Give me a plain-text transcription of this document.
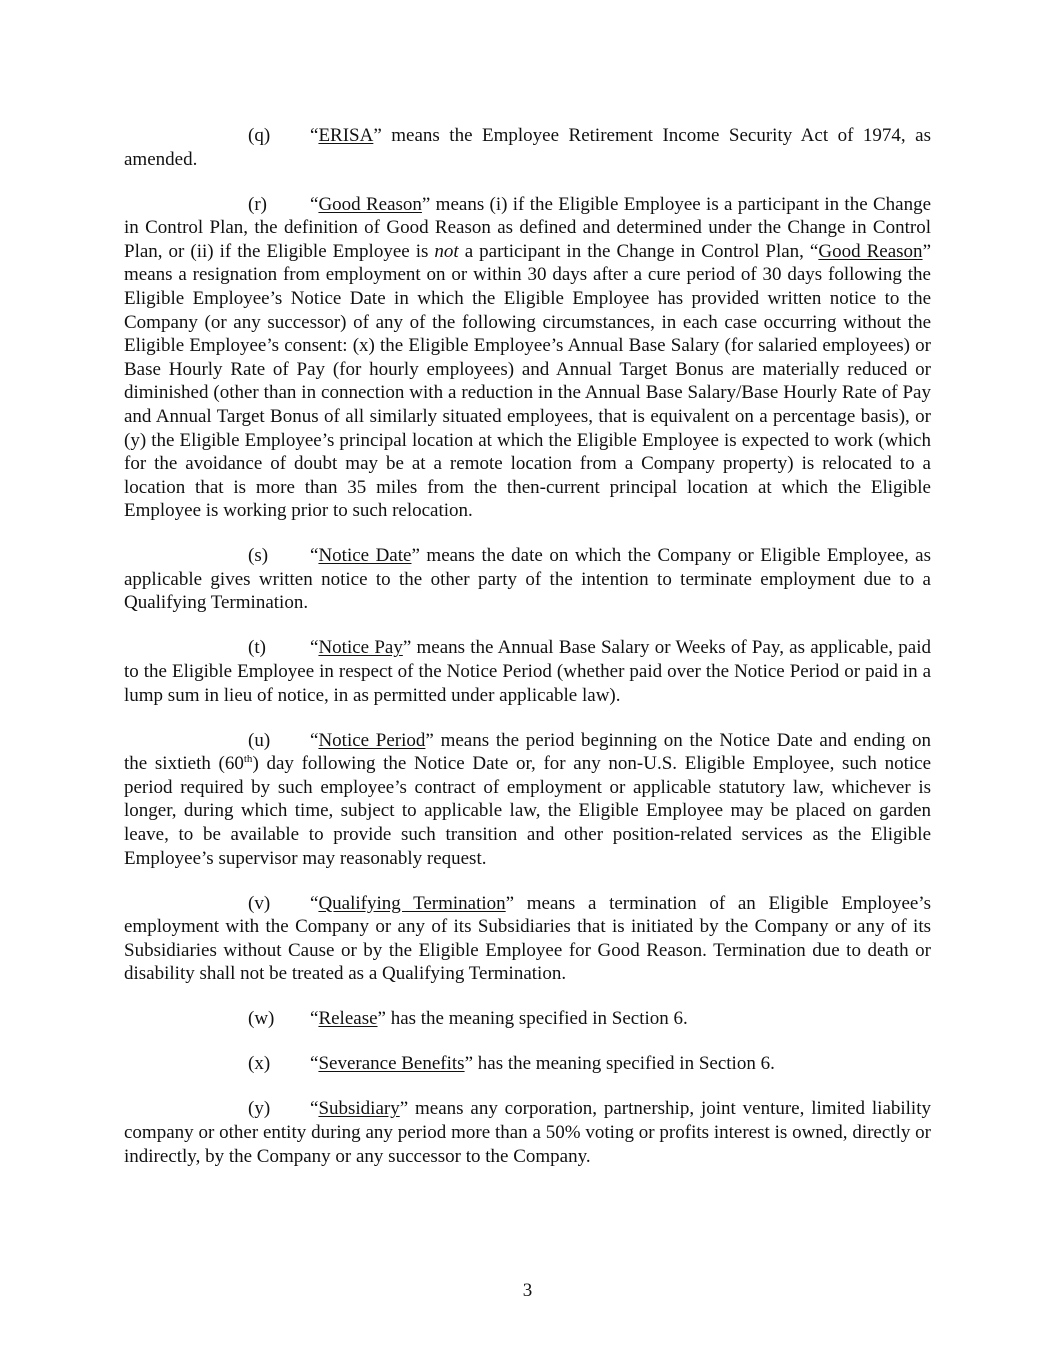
(q) “ERISA” means the Employee Retirement Income Security Act of 1974, as amended.

(r) “Good Reason” means (i) if the Eligible Employee is a participant in the Change in Control Plan, the definition of Good Reason as defined and determined under the Change in Control Plan, or (ii) if the Eligible Employee is not a participant in the Change in Control Plan, “Good Reason” means a resignation from employment on or within 30 days after a cure period of 30 days following the Eligible Employee’s Notice Date in which the Eligible Employee has provided written notice to the Company (or any successor) of any of the following circumstances, in each case occurring without the Eligible Employee’s consent: (x) the Eligible Employee’s Annual Base Salary (for salaried employees) or Base Hourly Rate of Pay (for hourly employees) and Annual Target Bonus are materially reduced or diminished (other than in connection with a reduction in the Annual Base Salary/Base Hourly Rate of Pay and Annual Target Bonus of all similarly situated employees, that is equivalent on a percentage basis), or (y) the Eligible Employee’s principal location at which the Eligible Employee is expected to work (which for the avoidance of doubt may be at a remote location from a Company property) is relocated to a location that is more than 35 miles from the then-current principal location at which the Eligible Employee is working prior to such relocation.

(s) “Notice Date” means the date on which the Company or Eligible Employee, as applicable gives written notice to the other party of the intention to terminate employment due to a Qualifying Termination.

(t) “Notice Pay” means the Annual Base Salary or Weeks of Pay, as applicable, paid to the Eligible Employee in respect of the Notice Period (whether paid over the Notice Period or paid in a lump sum in lieu of notice, in as permitted under applicable law).

(u) “Notice Period” means the period beginning on the Notice Date and ending on the sixtieth (60th) day following the Notice Date or, for any non-U.S. Eligible Employee, such notice period required by such employee’s contract of employment or applicable statutory law, whichever is longer, during which time, subject to applicable law, the Eligible Employee may be placed on garden leave, to be available to provide such transition and other position-related services as the Eligible Employee’s supervisor may reasonably request.

(v) “Qualifying Termination” means a termination of an Eligible Employee’s employment with the Company or any of its Subsidiaries that is initiated by the Company or any of its Subsidiaries without Cause or by the Eligible Employee for Good Reason. Termination due to death or disability shall not be treated as a Qualifying Termination.

(w) “Release” has the meaning specified in Section 6.

(x) “Severance Benefits” has the meaning specified in Section 6.

(y) “Subsidiary” means any corporation, partnership, joint venture, limited liability company or other entity during any period more than a 50% voting or profits interest is owned, directly or indirectly, by the Company or any successor to the Company.

3
